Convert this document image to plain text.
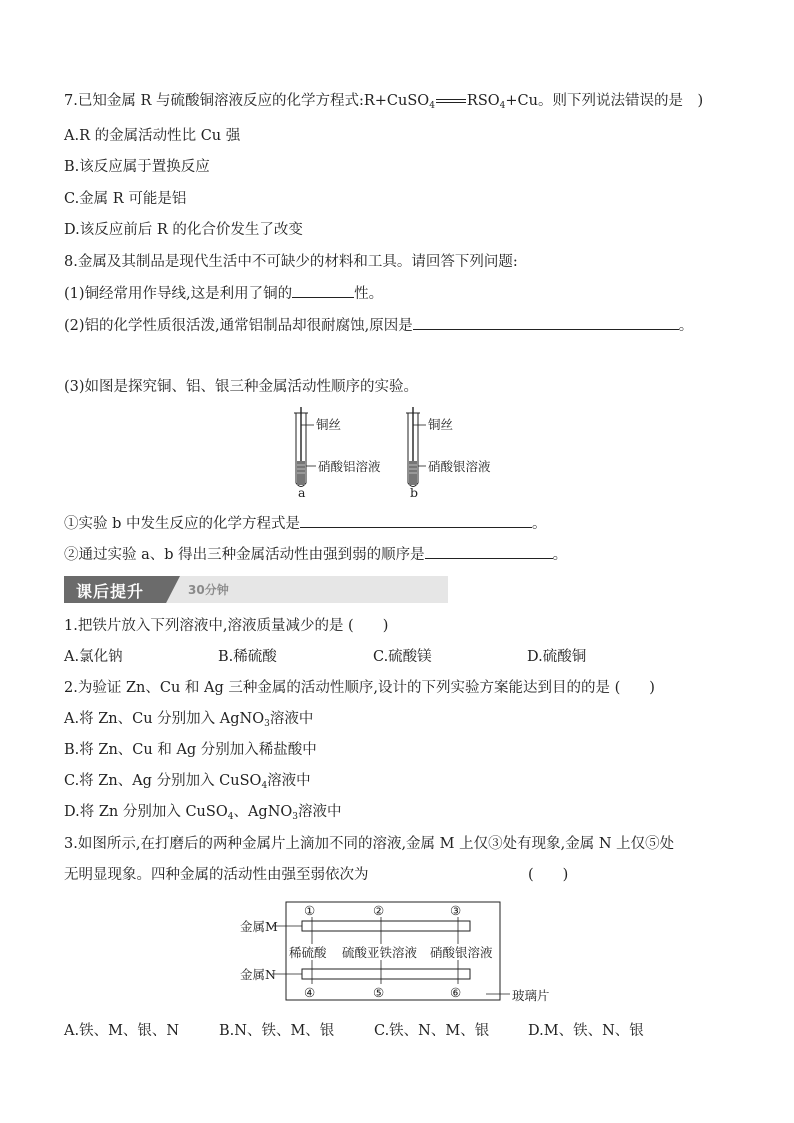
7.已知金属 R 与硫酸铜溶液反应的化学方程式:R+CuSO$_4$ $RSO_4+Cu$。则下列说法错误的是　)
A.R 的金属活动性比 Cu 强
B.该反应属于置换反应
C.金属 R 可能是铝
D.该反应前后 R 的化合价发生了改变
8.金属及其制品是现代生活中不可缺少的材料和工具。请回答下列问题:
(1)铜经常用作导线,这是利用了铜的	性。
(2)铝的化学性质很活泼,通常铝制品却很耐腐蚀,原因是	。
(3)如图是探究铜、铝、银三种金属活动性顺序的实验。
铜丝
硝酸铝溶液
a
铜丝
硝酸银溶液
b
①实验 b 中发生反应的化学方程式是	。
②通过实验 a、b 得出三种金属活动性由强到弱的顺序是	。
课后提升	30分钟
1.把铁片放入下列溶液中,溶液质量减少的是 (　　)
A.氯化钠	B.稀硫酸	C.硫酸镁	D.硫酸铜
2.为验证 Zn、Cu 和 Ag 三种金属的活动性顺序,设计的下列实验方案能达到目的的是 (　　)
A.将 Zn、Cu 分别加入 AgNO$_3$溶液中
B.将 Zn、Cu 和 Ag 分别加入稀盐酸中
C.将 Zn、Ag 分别加入 CuSO$_4$溶液中
D.将 Zn 分别加入 CuSO$_4$、AgNO$_3$溶液中
3.如图所示,在打磨后的两种金属片上滴加不同的溶液,金属 M 上仅③处有现象,金属 N 上仅⑤处
无明显现象。四种金属的活动性由强至弱依次为	(　　)
金属M
金属N
①	②	③
稀硫酸 硫酸亚铁溶液 硝酸银溶液
④	⑤	⑥	玻璃片
A.铁、M、银、N	B.N、铁、M、银	C.铁、N、M、银	D.M、铁、N、银
